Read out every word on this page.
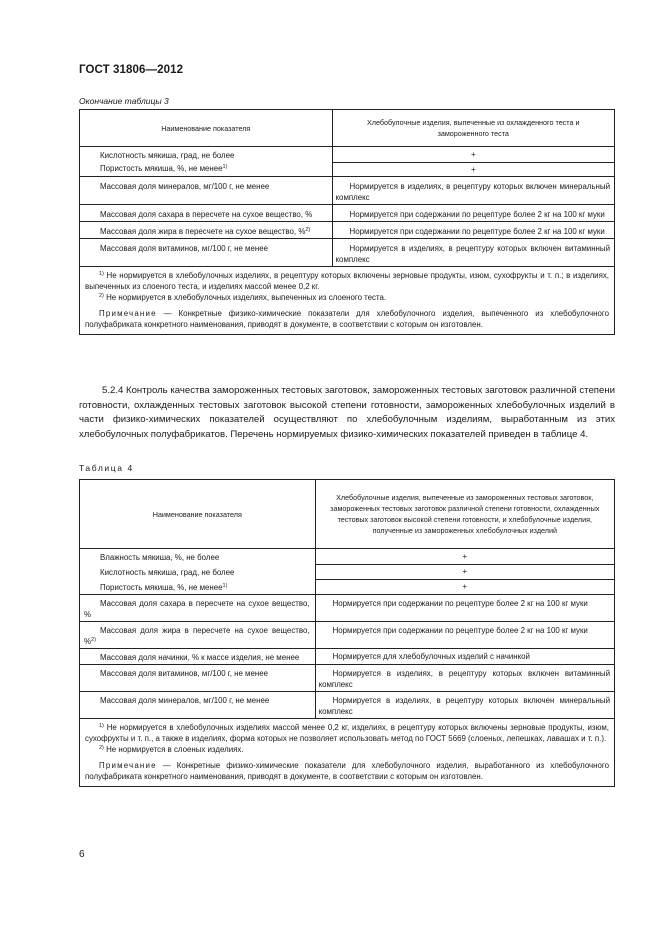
ГОСТ 31806—2012
Окончание таблицы 3
Наименование показателя	Хлебобулочные изделия, выпеченные из охлажденного теста и замороженного теста
Кислотность мякиша, град, не более	+
Пористость мякиша, %, не менее$^{1)}$	+
Массовая доля минералов, мг/100 г, не менее	Нормируется в изделиях, в рецептуру которых включен минеральный комплекс
Массовая доля сахара в пересчете на сухое вещество, %	Нормируется при содержании по рецептуре более 2 кг на 100 кг муки
Массовая доля жира в пересчете на сухое вещество, %$^{2)}$	Нормируется при содержании по рецептуре более 2 кг на 100 кг муки
Массовая доля витаминов, мг/100 г, не менее	Нормируется в изделиях, в рецептуру которых включен витаминный комплекс

$^{1)}$ Не нормируется в хлебобулочных изделиях, в рецептуру которых включены зерновые продукты, изюм, сухофрукты и т. п.; в изделиях, выпеченных из слоеного теста, и изделиях массой менее 0,2 кг.

$^{2)}$ Не нормируется в хлебобулочных изделиях, выпеченных из слоеного теста.

Примечание — Конкретные физико-химические показатели для хлебобулочного изделия, выпеченного из хлебобулочного полуфабриката конкретного наименования, приводят в документе, в соответствии с которым он изготовлен.	

5.2.4 Контроль качества замороженных тестовых заготовок, замороженных тестовых заготовок различной степени готовности, охлажденных тестовых заготовок высокой степени готовности, замороженных хлебобулочных изделий в части физико-химических показателей осуществляют по хлебобулочным изделиям, выработанным из этих хлебобулочных полуфабрикатов. Перечень нормируемых физико-химических показателей приведен в таблице 4.
Таблица 4
Наименование показателя	Хлебобулочные изделия, выпеченные из замороженных тестовых заготовок, замороженных тестовых заготовок различной степени готовности, охлажденных тестовых заготовок высокой степени готовности, и хлебобулочные изделия, полученные из замороженных хлебобулочных изделий
Влажность мякиша, %, не более	+
Кислотность мякиша, град, не более	+
Пористость мякиша, %, не менее$^{1)}$	+
Массовая доля сахара в пересчете на сухое вещество, %	Нормируется при содержании по рецептуре более 2 кг на 100 кг муки
Массовая доля жира в пересчете на сухое вещество, %$^{2)}$	Нормируется при содержании по рецептуре более 2 кг на 100 кг муки
Массовая доля начинки, % к массе изделия, не менее	Нормируется для хлебобулочных изделий с начинкой
Массовая доля витаминов, мг/100 г, не менее	Нормируется в изделиях, в рецептуру которых включен витаминный комплекс
Массовая доля минералов, мг/100 г, не менее	Нормируется в изделиях, в рецептуру которых включен минеральный комплекс

$^{1)}$ Не нормируется в хлебобулочных изделиях массой менее 0,2 кг, изделиях, в рецептуру которых включены зерновые продукты, изюм, сухофрукты и т. п., а также в изделиях, форма которых не позволяет использовать метод по ГОСТ 5669 (слоеных, лепешках, лавашах и т. п.).

$^{2)}$ Не нормируется в слоеных изделиях.

Примечание — Конкретные физико-химические показатели для хлебобулочного изделия, выработанного из хлебобулочного полуфабриката конкретного наименования, приводят в документе, в соответствии с которым он изготовлен.	

6
